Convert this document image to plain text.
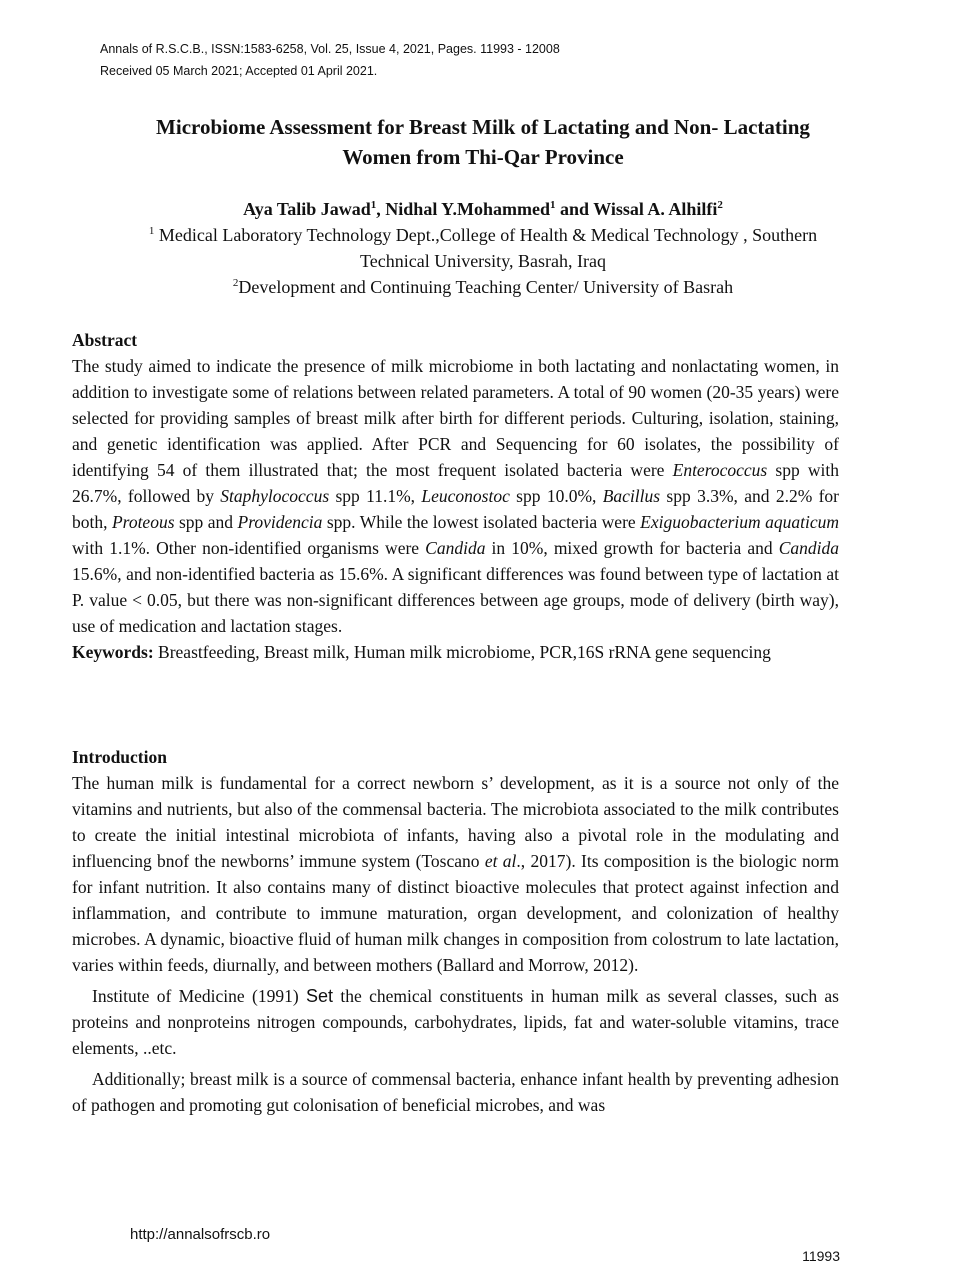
Annals of R.S.C.B., ISSN:1583-6258, Vol. 25, Issue 4, 2021, Pages. 11993 - 12008
Received 05 March 2021; Accepted 01 April 2021.
Microbiome Assessment for Breast Milk of Lactating and Non- Lactating
Women from Thi-Qar Province
Aya Talib Jawad$^1$, Nidhal Y.Mohammed$^1$ and Wissal A. Alhilfi$^2$
$^1$ Medical Laboratory Technology Dept.,College of Health & Medical Technology , Southern
Technical University, Basrah, Iraq
$^2$Development and Continuing Teaching Center/ University of Basrah

Abstract

The study aimed to indicate the presence of milk microbiome in both lactating and nonlactating women, in addition to investigate some of relations between related parameters. A total of 90 women (20-35 years) were selected for providing samples of breast milk after birth for different periods. Culturing, isolation, staining, and genetic identification was applied. After PCR and Sequencing for 60 isolates, the possibility of identifying 54 of them illustrated that; the most frequent isolated bacteria were Enterococcus spp with 26.7%, followed by Staphylococcus spp 11.1%, Leuconostoc spp 10.0%, Bacillus spp 3.3%, and 2.2% for both, Proteous spp and Providencia spp. While the lowest isolated bacteria were Exiguobacterium aquaticum with 1.1%. Other non-identified organisms were Candida in 10%, mixed growth for bacteria and Candida 15.6%, and non-identified bacteria as 15.6%. A significant differences was found between type of lactation at P. value < 0.05, but there was non-significant differences between age groups, mode of delivery (birth way), use of medication and lactation stages.

Keywords: Breastfeeding, Breast milk, Human milk microbiome, PCR,16S rRNA gene sequencing

Introduction

The human milk is fundamental for a correct newborn s’ development, as it is a source not only of the vitamins and nutrients, but also of the commensal bacteria. The microbiota associated to the milk contributes to create the initial intestinal microbiota of infants, having also a pivotal role in the modulating and influencing bnof the newborns’ immune system (Toscano et al., 2017). Its composition is the biologic norm for infant nutrition. It also contains many of distinct bioactive molecules that protect against infection and inflammation, and contribute to immune maturation, organ development, and colonization of healthy microbes. A dynamic, bioactive fluid of human milk changes in composition from colostrum to late lactation, varies within feeds, diurnally, and between mothers (Ballard and Morrow, 2012).

Institute of Medicine (1991) Set the chemical constituents in human milk as several classes, such as proteins and nonproteins nitrogen compounds, carbohydrates, lipids, fat and water-soluble vitamins, trace elements, ..etc.

Additionally; breast milk is a source of commensal bacteria, enhance infant health by preventing adhesion of pathogen and promoting gut colonisation of beneficial microbes, and was

http://annalsofrscb.ro
11993
